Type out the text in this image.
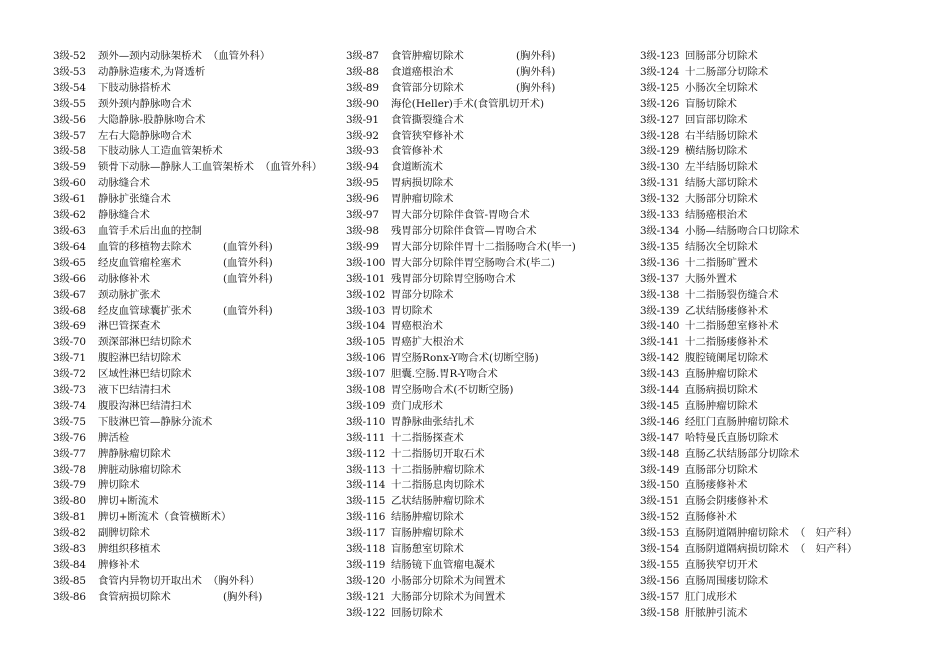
3级-52 颈外—颈内动脉架桥术 （血管外科）
3级-53 动静脉造瘘术,为肾透析
3级-54 下肢动脉搭桥术
3级-55 颈外颈内静脉吻合术
3级-56 大隐静脉-股静脉吻合术
3级-57 左右大隐静脉吻合术
3级-58 下肢动脉人工造血管架桥术
3级-59 锁骨下动脉—静脉人工血管架桥术 （血管外科）
3级-60 动脉缝合术
3级-61 静脉扩张缝合术
3级-62 静脉缝合术
3级-63 血管手术后出血的控制
3级-64 血管的移植物去除术	(血管外科)
3级-65 经皮血管瘤栓塞术	(血管外科)
3级-66 动脉修补术	(血管外科)
3级-67 颈动脉扩张术
3级-68 经皮血管球囊扩张术	(血管外科)
3级-69 淋巴管探查术
3级-70 颈深部淋巴结切除术
3级-71 腹腔淋巴结切除术
3级-72 区域性淋巴结切除术
3级-73 液下巴结清扫术
3级-74 腹股沟淋巴结清扫术
3级-75 下肢淋巴管—静脉分流术
3级-76 脾活检
3级-77 脾静脉瘤切除术
3级-78 脾脏动脉瘤切除术
3级-79 脾切除术
3级-80 脾切+断流术
3级-81 脾切+断流术（食管横断术）
3级-82 副脾切除术
3级-83 脾组织移植术
3级-84 脾修补术
3级-85 食管内异物切开取出术 （胸外科）
3级-86 食管病损切除术	(胸外科)
3级-87 食管肿瘤切除术	(胸外科)
3级-88 食道癌根治术	(胸外科)
3级-89 食管部分切除术	(胸外科)
3级-90 海伦(Heller)手术(食管肌切开术)
3级-91 食管撕裂缝合术
3级-92 食管狭窄修补术
3级-93 食管修补术
3级-94 食道断流术
3级-95 胃病损切除术
3级-96 胃肿瘤切除术
3级-97 胃大部分切除伴食管-胃吻合术
3级-98 残胃部分切除伴食管—胃吻合术
3级-99 胃大部分切除伴胃十二指肠吻合术(毕一)
3级-100 胃大部分切除伴胃空肠吻合术(毕二)
3级-101 残胃部分切除胃空肠吻合术
3级-102 胃部分切除术
3级-103 胃切除术
3级-104 胃癌根治术
3级-105 胃癌扩大根治术
3级-106 胃空肠Ronx-Y吻合术(切断空肠)
3级-107 胆囊.空肠.胃R-Y吻合术
3级-108 胃空肠吻合术(不切断空肠)
3级-109 贲门成形术
3级-110 胃静脉曲张结扎术
3级-111 十二指肠探查术
3级-112 十二指肠切开取石术
3级-113 十二指肠肿瘤切除术
3级-114 十二指肠息肉切除术
3级-115 乙状结肠肿瘤切除术
3级-116 结肠肿瘤切除术
3级-117 盲肠肿瘤切除术
3级-118 盲肠憩室切除术
3级-119 结肠镜下血管瘤电凝术
3级-120 小肠部分切除术为间置术
3级-121 大肠部分切除术为间置术
3级-122 回肠切除术
3级-123 回肠部分切除术
3级-124 十二肠部分切除术
3级-125 小肠次全切除术
3级-126 盲肠切除术
3级-127 回盲部切除术
3级-128 右半结肠切除术
3级-129 横结肠切除术
3级-130 左半结肠切除术
3级-131 结肠大部切除术
3级-132 大肠部分切除术
3级-133 结肠癌根治术
3级-134 小肠—结肠吻合口切除术
3级-135 结肠次全切除术
3级-136 十二指肠旷置术
3级-137 大肠外置术
3级-138 十二指肠裂伤缝合术
3级-139 乙状结肠瘘修补术
3级-140 十二指肠憩室修补术
3级-141 十二指肠瘘修补术
3级-142 腹腔镜阑尾切除术
3级-143 直肠肿瘤切除术
3级-144 直肠病损切除术
3级-145 直肠肿瘤切除术
3级-146 经肛门直肠肿瘤切除术
3级-147 哈特曼氏直肠切除术
3级-148 直肠乙状结肠部分切除术
3级-149 直肠部分切除术
3级-150 直肠瘘修补术
3级-151 直肠会阴瘘修补术
3级-152 直肠修补术
3级-153 直肠阴道隔肿瘤切除术 （　妇产科）
3级-154 直肠阴道隔病损切除术 （　妇产科）
3级-155 直肠狭窄切开术
3级-156 直肠周围瘘切除术
3级-157 肛门成形术
3级-158 肝脓肿引流术
